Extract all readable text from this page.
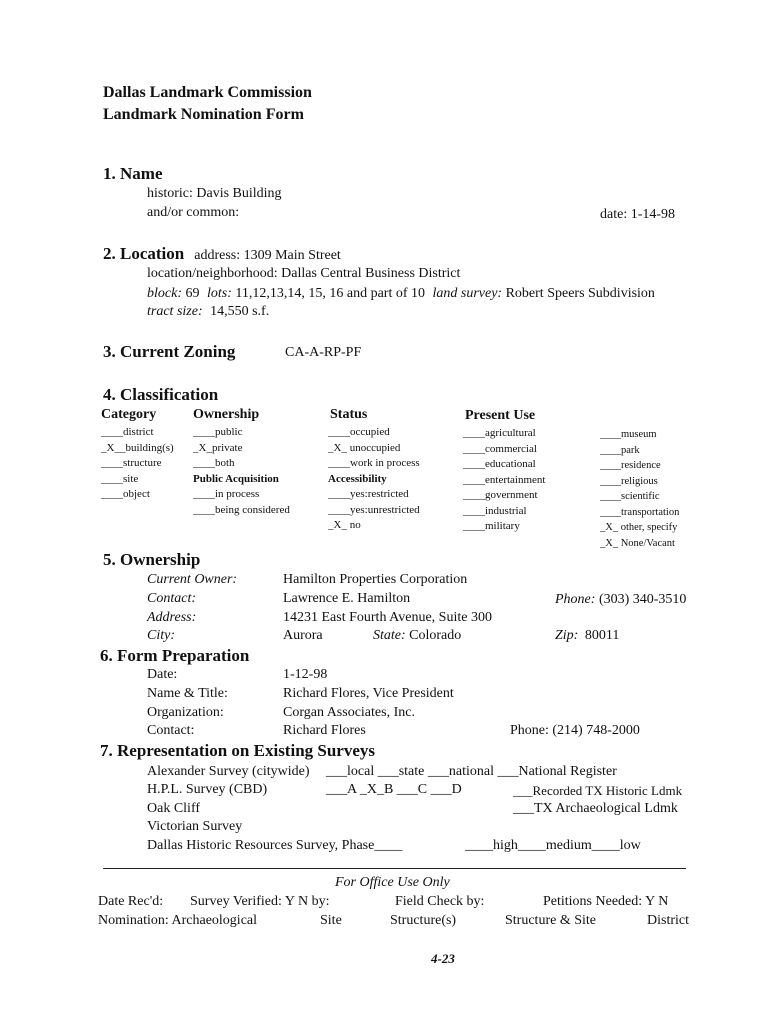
Dallas Landmark Commission
Landmark Nomination Form
1. Name
historic: Davis Building
and/or common:	date: 1-14-98
2. Location address: 1309 Main Street
location/neighborhood: Dallas Central Business District
block: 69 lots: 11,12,13,14, 15, 16 and part of 10 land survey: Robert Speers Subdivision
tract size: 14,550 s.f.
3. Current Zoning	CA-A-RP-PF
4. Classification
Category
____district
_X__building(s)
____structure
____site
____object
Ownership
____public
_X_private
____both
Public Acquisition
____in process
____being considered
Status
____occupied
_X_ unoccupied
____work in process
Accessibility
____yes:restricted
____yes:unrestricted
_X_ no
Present Use
____agricultural
____commercial
____educational
____entertainment
____government
____industrial
____military
____museum
____park
____residence
____religious
____scientific
____transportation
_X_ other, specify
_X_ None/Vacant
5. Ownership
Current Owner:	Hamilton Properties Corporation
Contact:	Lawrence E. Hamilton	Phone: (303) 340-3510
Address:	14231 East Fourth Avenue, Suite 300
City:	Aurora	State: Colorado	Zip: 80011
6. Form Preparation
Date:	1-12-98
Name & Title:	Richard Flores, Vice President
Organization:	Corgan Associates, Inc.
Contact:	Richard Flores	Phone: (214) 748-2000
7. Representation on Existing Surveys
Alexander Survey (citywide) ___local ___state ___national ___National Register
H.P.L. Survey (CBD)	___A _X_B ___C ___D	___Recorded TX Historic Ldmk
Oak Cliff	___TX Archaeological Ldmk
Victorian Survey
Dallas Historic Resources Survey, Phase____	____high____medium____low
For Office Use Only
Date Rec'd: Survey Verified: Y N by:	Field Check by:	Petitions Needed: Y N
Nomination: Archaeological	Site	Structure(s)	Structure & Site	District
4-23
